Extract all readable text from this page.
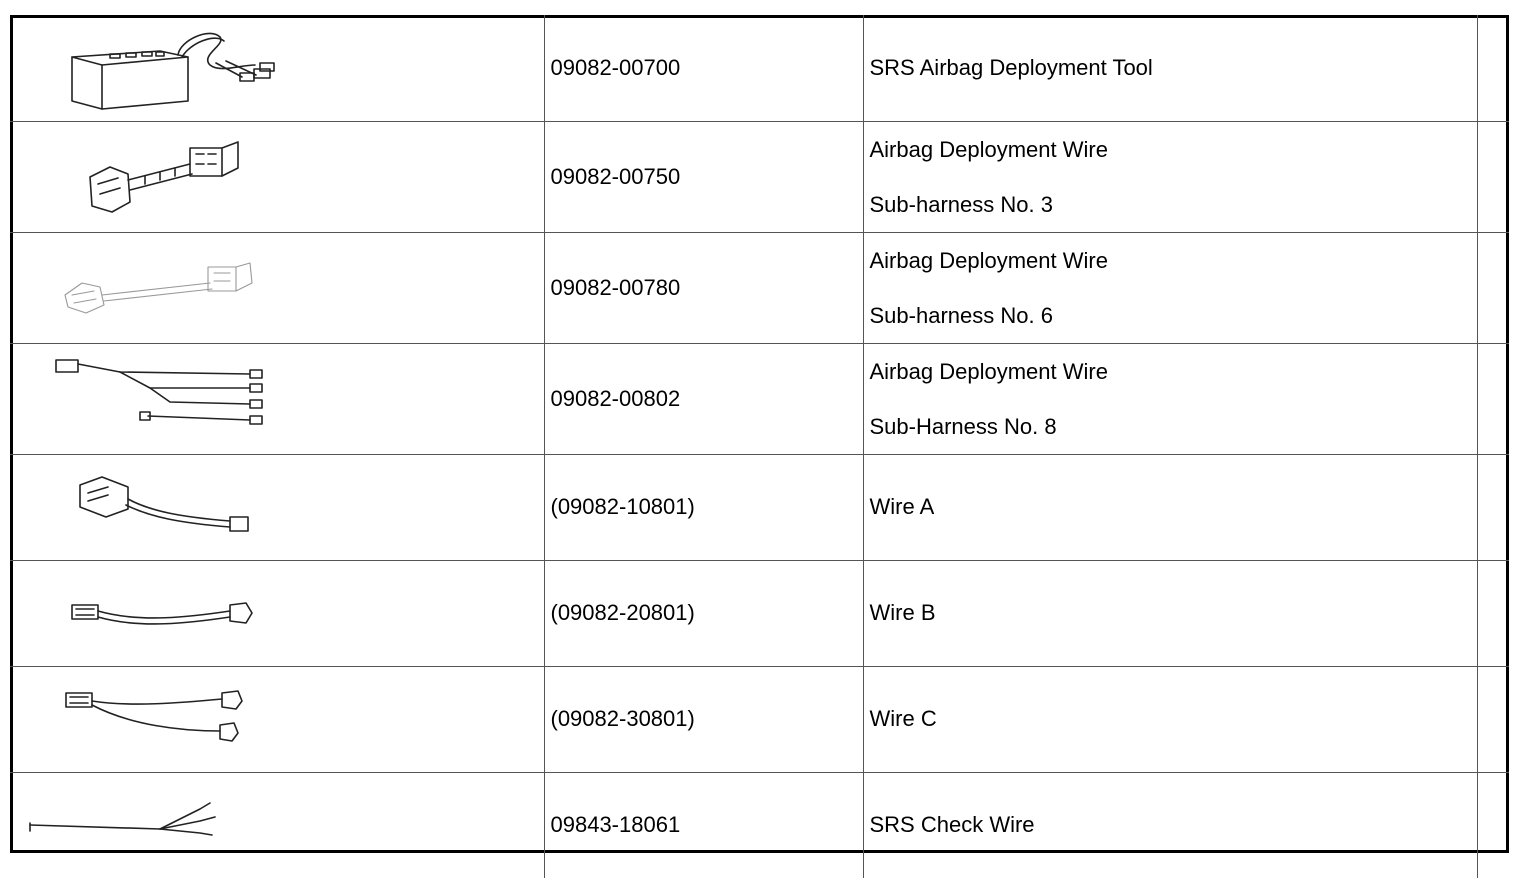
09082-00700	SRS Airbag Deployment Tool	

09082-00750	Airbag Deployment Wire
Sub-harness No. 3	

09082-00780	Airbag Deployment Wire
Sub-harness No. 6	

09082-00802	Airbag Deployment Wire
Sub-Harness No. 8	

(09082-10801)	Wire A	

(09082-20801)	Wire B	

(09082-30801)	Wire C	

09843-18061	SRS Check Wire	
